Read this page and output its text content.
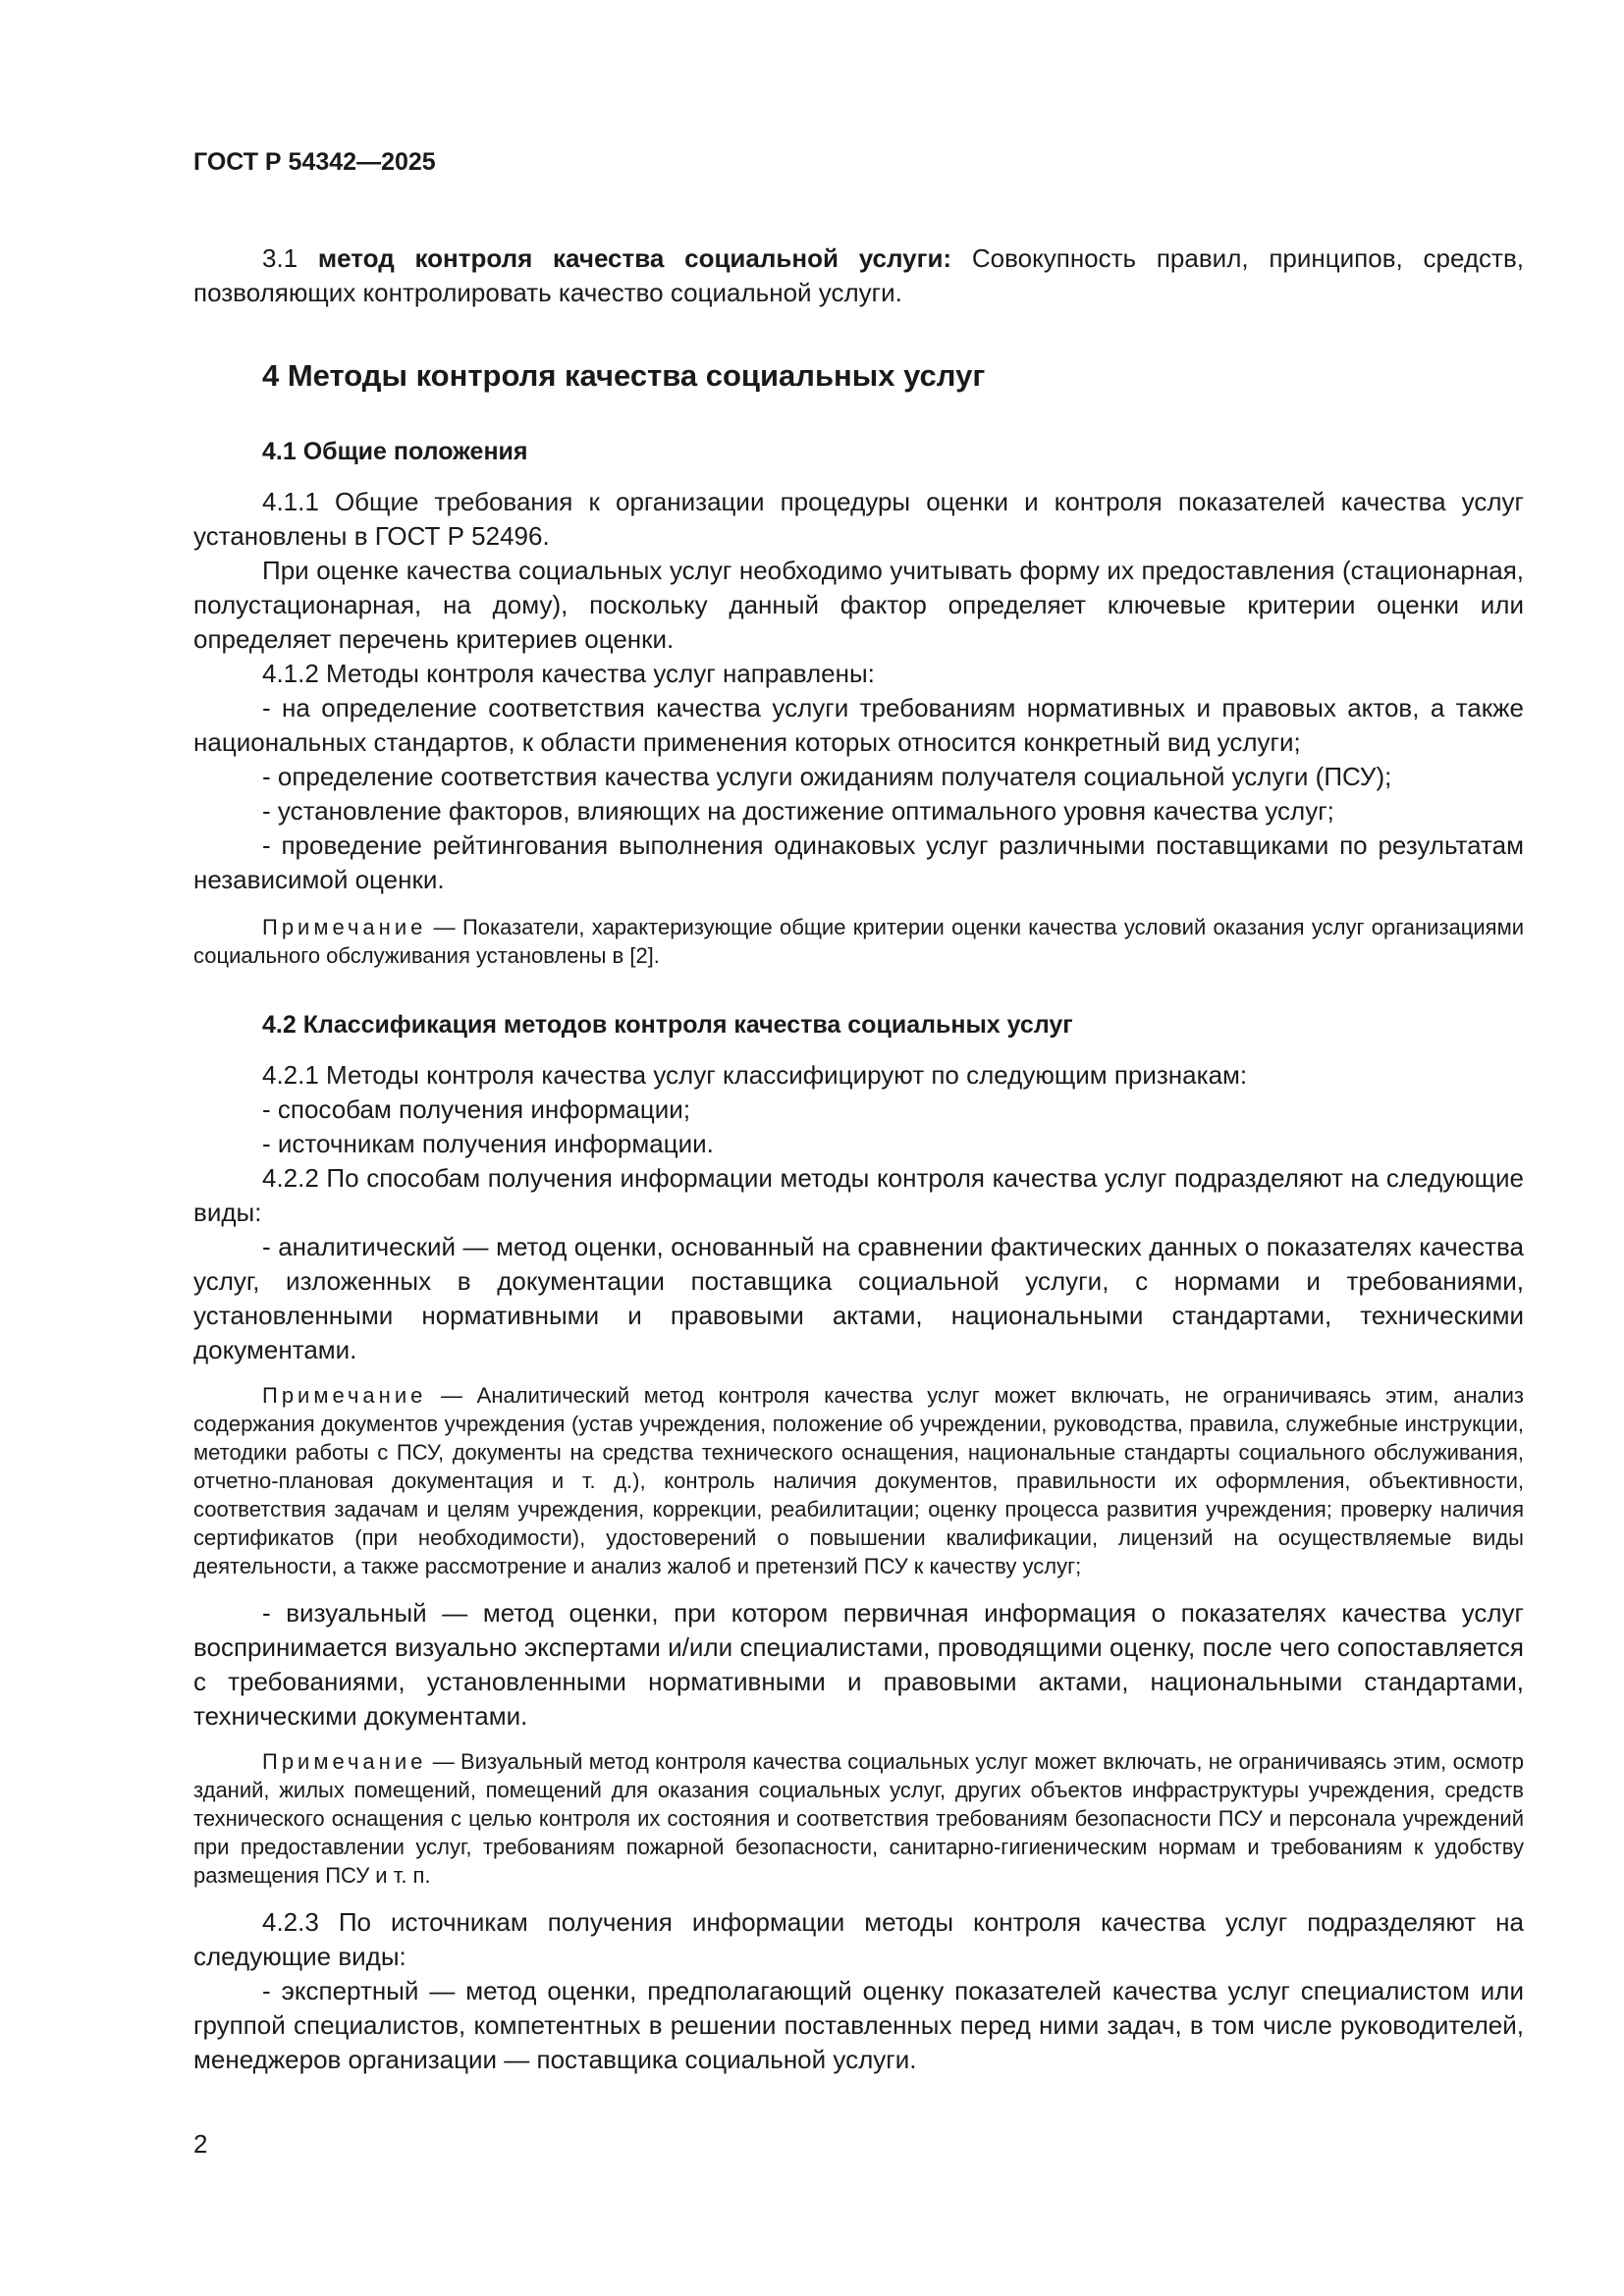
ГОСТ Р 54342—2025

3.1 метод контроля качества социальной услуги: Совокупность правил, принципов, средств, позволяющих контролировать качество социальной услуги.

4 Методы контроля качества социальных услуг

4.1 Общие положения

4.1.1 Общие требования к организации процедуры оценки и контроля показателей качества услуг установлены в ГОСТ Р 52496.

При оценке качества социальных услуг необходимо учитывать форму их предоставления (стационарная, полустационарная, на дому), поскольку данный фактор определяет ключевые критерии оценки или определяет перечень критериев оценки.

4.1.2 Методы контроля качества услуг направлены:

- на определение соответствия качества услуги требованиям нормативных и правовых актов, а также национальных стандартов, к области применения которых относится конкретный вид услуги;

- определение соответствия качества услуги ожиданиям получателя социальной услуги (ПСУ);

- установление факторов, влияющих на достижение оптимального уровня качества услуг;

- проведение рейтингования выполнения одинаковых услуг различными поставщиками по результатам независимой оценки.

Примечание — Показатели, характеризующие общие критерии оценки качества условий оказания услуг организациями социального обслуживания установлены в [2].

4.2 Классификация методов контроля качества социальных услуг

4.2.1 Методы контроля качества услуг классифицируют по следующим признакам:

- способам получения информации;

- источникам получения информации.

4.2.2 По способам получения информации методы контроля качества услуг подразделяют на следующие виды:

- аналитический — метод оценки, основанный на сравнении фактических данных о показателях качества услуг, изложенных в документации поставщика социальной услуги, с нормами и требованиями, установленными нормативными и правовыми актами, национальными стандартами, техническими документами.

Примечание — Аналитический метод контроля качества услуг может включать, не ограничиваясь этим, анализ содержания документов учреждения (устав учреждения, положение об учреждении, руководства, правила, служебные инструкции, методики работы с ПСУ, документы на средства технического оснащения, национальные стандарты социального обслуживания, отчетно-плановая документация и т. д.), контроль наличия документов, правильности их оформления, объективности, соответствия задачам и целям учреждения, коррекции, реабилитации; оценку процесса развития учреждения; проверку наличия сертификатов (при необходимости), удостоверений о повышении квалификации, лицензий на осуществляемые виды деятельности, а также рассмотрение и анализ жалоб и претензий ПСУ к качеству услуг;

- визуальный — метод оценки, при котором первичная информация о показателях качества услуг воспринимается визуально экспертами и/или специалистами, проводящими оценку, после чего сопоставляется с требованиями, установленными нормативными и правовыми актами, национальными стандартами, техническими документами.

Примечание — Визуальный метод контроля качества социальных услуг может включать, не ограничиваясь этим, осмотр зданий, жилых помещений, помещений для оказания социальных услуг, других объектов инфраструктуры учреждения, средств технического оснащения с целью контроля их состояния и соответствия требованиям безопасности ПСУ и персонала учреждений при предоставлении услуг, требованиям пожарной безопасности, санитарно-гигиеническим нормам и требованиям к удобству размещения ПСУ и т. п.

4.2.3 По источникам получения информации методы контроля качества услуг подразделяют на следующие виды:

- экспертный — метод оценки, предполагающий оценку показателей качества услуг специалистом или группой специалистов, компетентных в решении поставленных перед ними задач, в том числе руководителей, менеджеров организации — поставщика социальной услуги.

2
